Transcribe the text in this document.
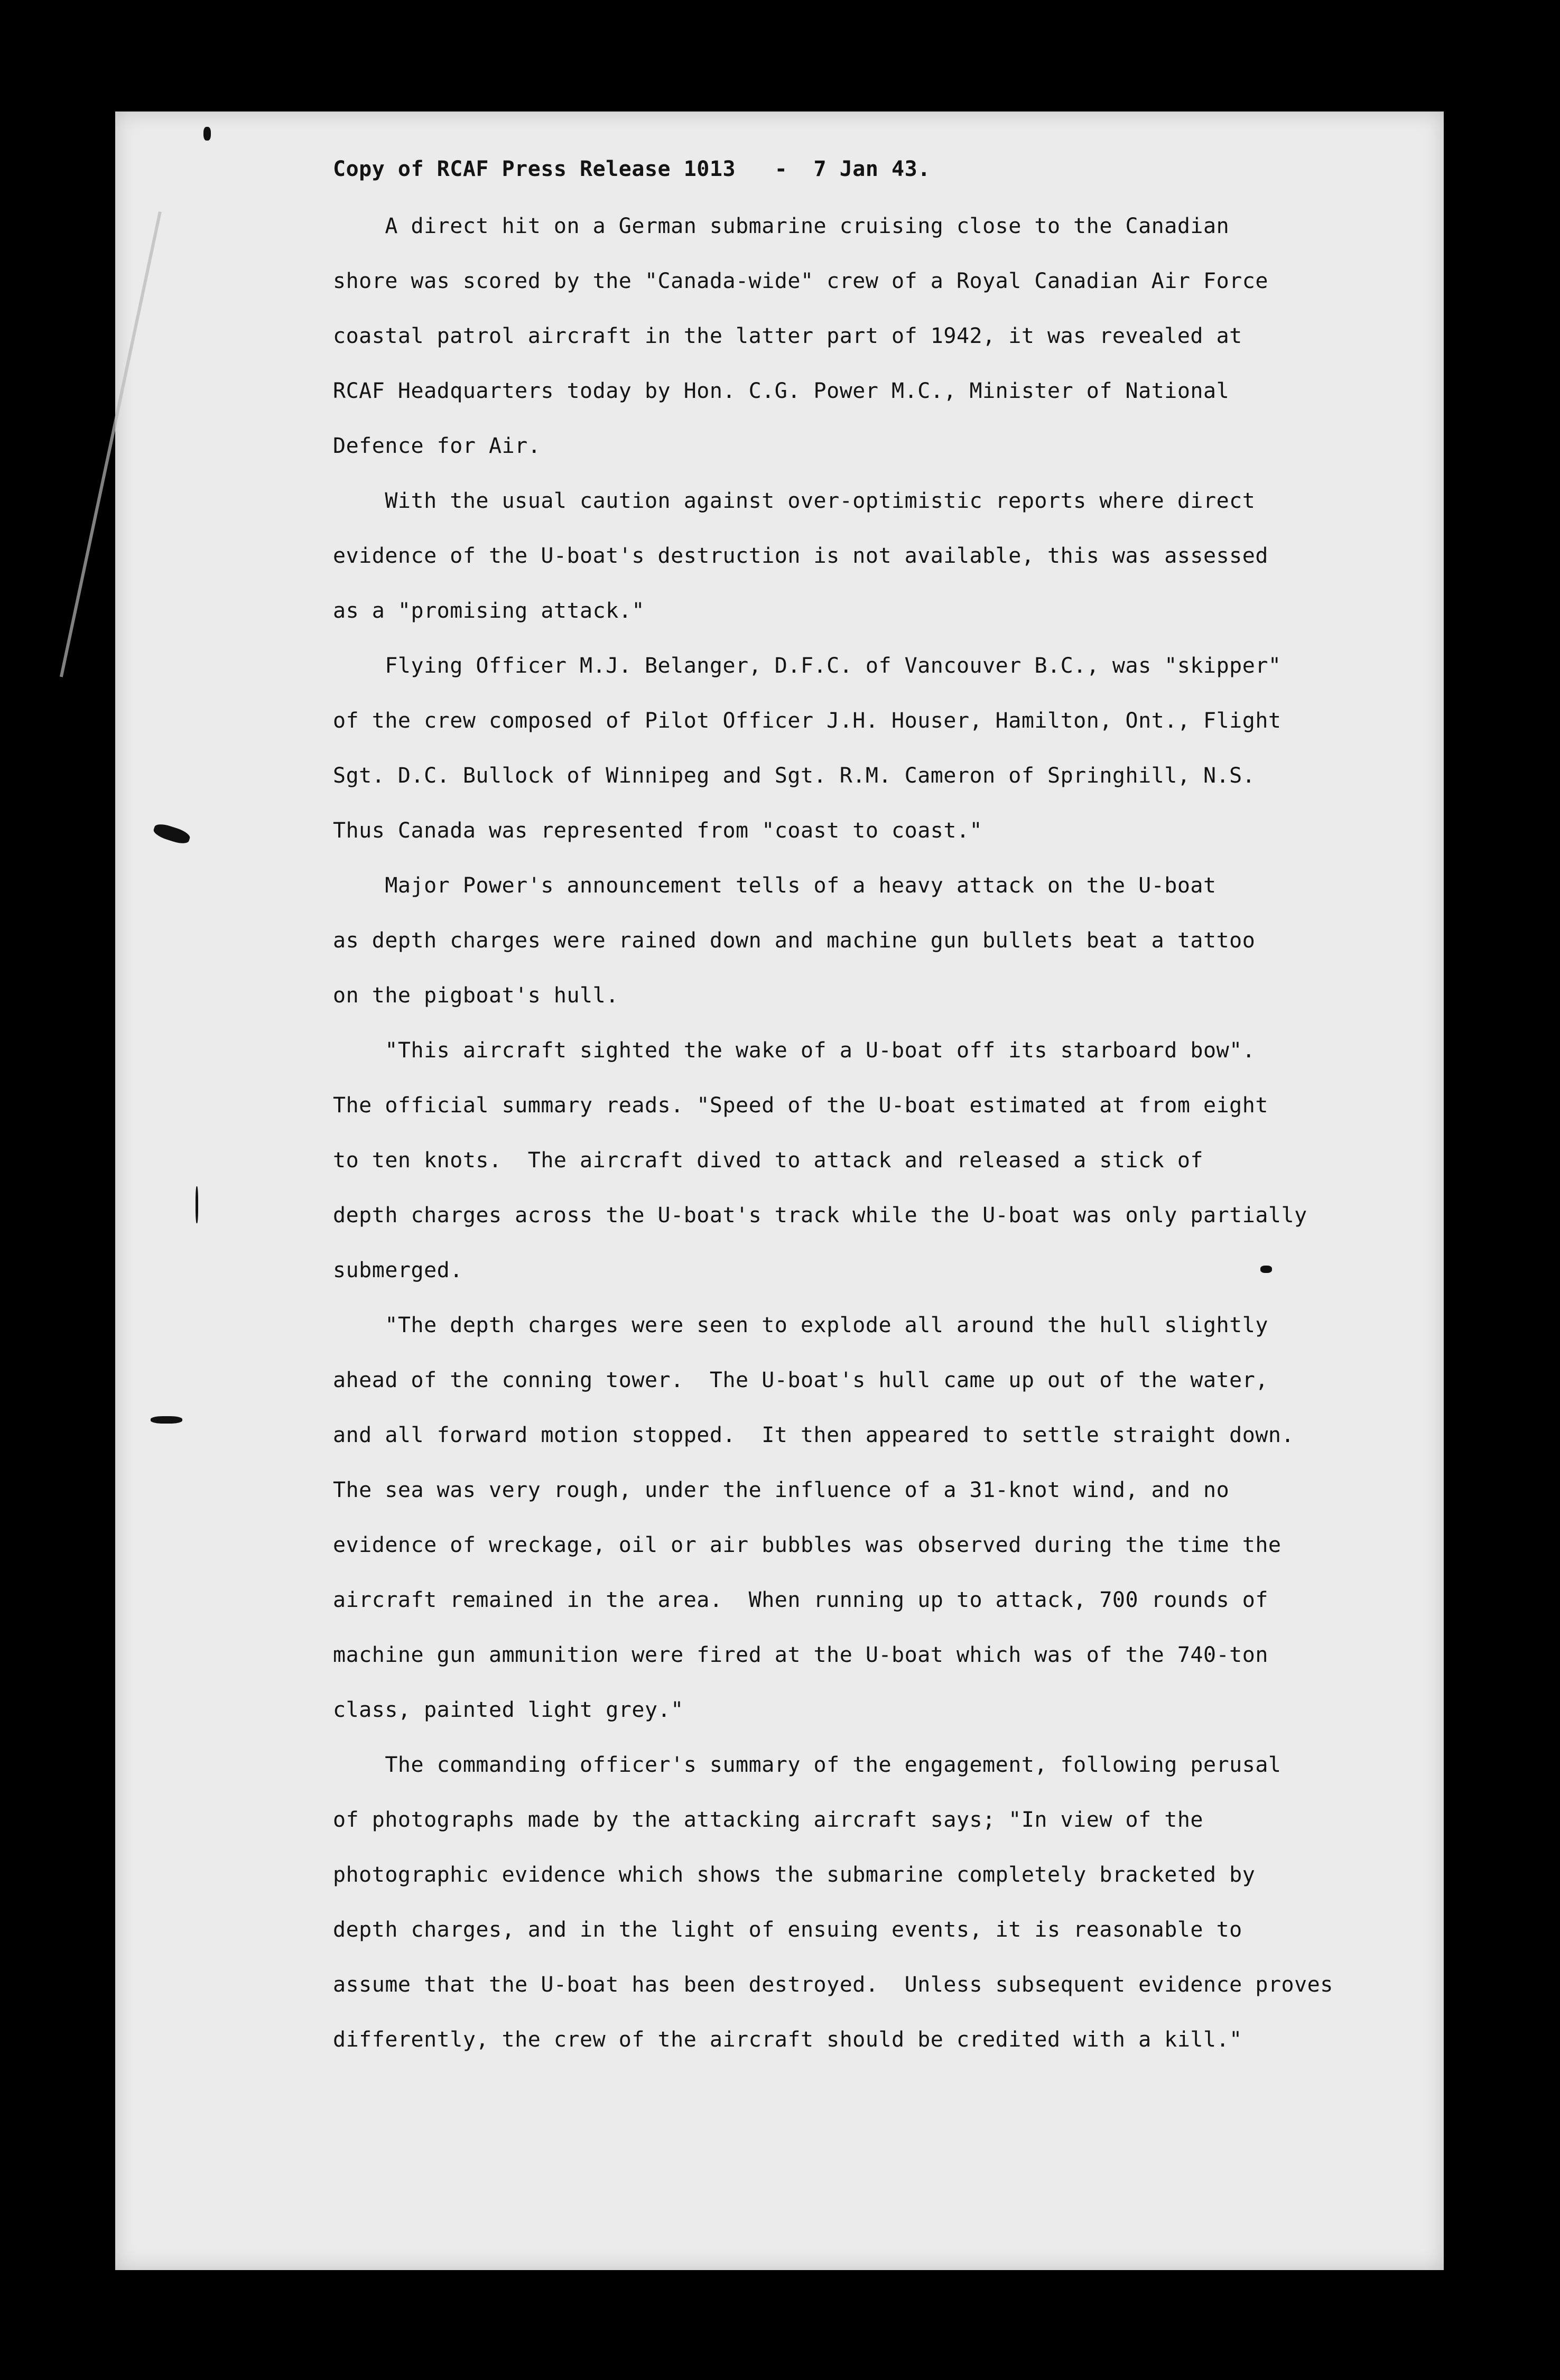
Copy of RCAF Press Release 1013   -  7 Jan 43.
A direct hit on a German submarine cruising close to the Canadian
shore was scored by the "Canada-wide" crew of a Royal Canadian Air Force
coastal patrol aircraft in the latter part of 1942, it was revealed at
RCAF Headquarters today by Hon. C.G. Power M.C., Minister of National
Defence for Air.
With the usual caution against over-optimistic reports where direct
evidence of the U-boat's destruction is not available, this was assessed
as a "promising attack."
Flying Officer M.J. Belanger, D.F.C. of Vancouver B.C., was "skipper"
of the crew composed of Pilot Officer J.H. Houser, Hamilton, Ont., Flight
Sgt. D.C. Bullock of Winnipeg and Sgt. R.M. Cameron of Springhill, N.S.
Thus Canada was represented from "coast to coast."
Major Power's announcement tells of a heavy attack on the U-boat
as depth charges were rained down and machine gun bullets beat a tattoo
on the pigboat's hull.
"This aircraft sighted the wake of a U-boat off its starboard bow".
The official summary reads. "Speed of the U-boat estimated at from eight
to ten knots.  The aircraft dived to attack and released a stick of
depth charges across the U-boat's track while the U-boat was only partially
submerged.
"The depth charges were seen to explode all around the hull slightly
ahead of the conning tower.  The U-boat's hull came up out of the water,
and all forward motion stopped.  It then appeared to settle straight down.
The sea was very rough, under the influence of a 31-knot wind, and no
evidence of wreckage, oil or air bubbles was observed during the time the
aircraft remained in the area.  When running up to attack, 700 rounds of
machine gun ammunition were fired at the U-boat which was of the 740-ton
class, painted light grey."
The commanding officer's summary of the engagement, following perusal
of photographs made by the attacking aircraft says; "In view of the
photographic evidence which shows the submarine completely bracketed by
depth charges, and in the light of ensuing events, it is reasonable to
assume that the U-boat has been destroyed.  Unless subsequent evidence proves
differently, the crew of the aircraft should be credited with a kill."
